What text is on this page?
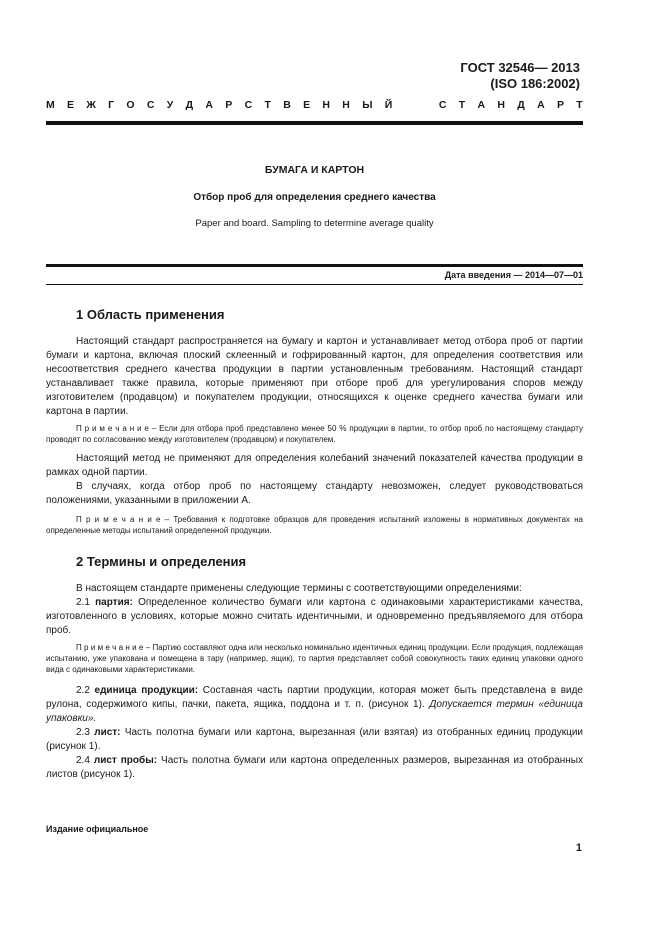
ГОСТ 32546— 2013
(ISO 186:2002)
М Е Ж Г О С У Д А Р С Т В Е Н Н Ы Й	С Т А Н Д А Р Т
БУМАГА И КАРТОН
Отбор проб для определения среднего качества
Paper and board. Sampling to determine average quality
Дата введения — 2014—07—01
1 Область применения

Настоящий стандарт распространяется на бумагу и картон и устанавливает метод отбора проб от партии бумаги и картона, включая плоский склеенный и гофрированный картон, для определения соответствия или несоответствия среднего качества продукции в партии установленным требованиям. Настоящий стандарт устанавливает также правила, которые применяют при отборе проб для урегулирования споров между изготовителем (продавцом) и покупателем продукции, относящихся к оценке среднего качества бумаги или картона в партии.

П р и м е ч а н и е – Если для отбора проб представлено менее 50 % продукции в партии, то отбор проб по настоящему стандарту проводят по согласованию между изготовителем (продавцом) и покупателем.

Настоящий метод не применяют для определения колебаний значений показателей качества продукции в рамках одной партии.

В случаях, когда отбор проб по настоящему стандарту невозможен, следует руководствоваться положениями, указанными в приложении А.

П р и м е ч а н и е – Требования к подготовке образцов для проведения испытаний изложены в нормативных документах на определенные методы испытаний определенной продукции.

2 Термины и определения

В настоящем стандарте применены следующие термины с соответствующими определениями:

2.1 партия: Определенное количество бумаги или картона с одинаковыми характеристиками качества, изготовленного в условиях, которые можно считать идентичными, и одновременно предъявляемого для отбора проб.

П р и м е ч а н и е – Партию составляют одна или несколько номинально идентичных единиц продукции. Если продукция, подлежащая испытанию, уже упакована и помещена в тару (например, ящик), то партия представляет собой совокупность таких единиц упаковки одного вида с одинаковыми характеристиками.

2.2 единица продукции: Составная часть партии продукции, которая может быть представлена в виде рулона, содержимого кипы, пачки, пакета, ящика, поддона и т. п. (рисунок 1). Допускается термин «единица упаковки».

2.3 лист: Часть полотна бумаги или картона, вырезанная (или взятая) из отобранных единиц продукции (рисунок 1).

2.4 лист пробы: Часть полотна бумаги или картона определенных размеров, вырезанная из отобранных листов (рисунок 1).

Издание официальное
1
